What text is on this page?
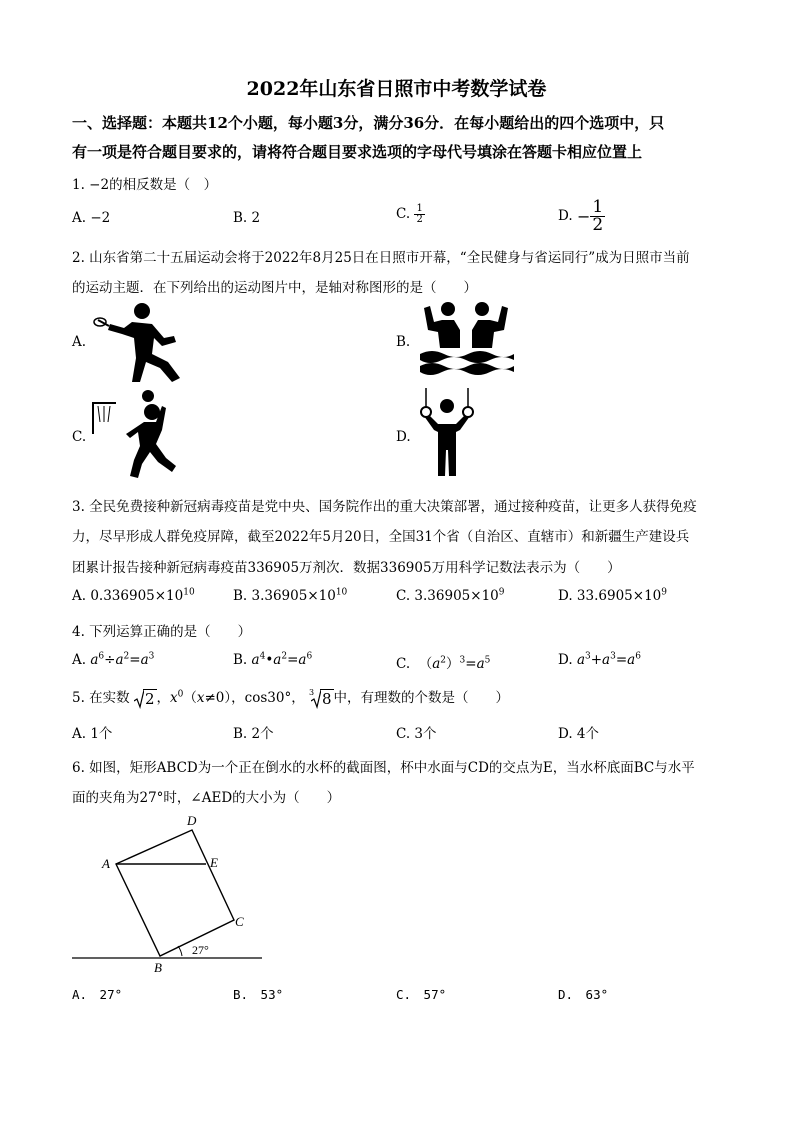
2022年山东省日照市中考数学试卷
一、选择题：本题共12个小题，每小题3分，满分36分．在每小题给出的四个选项中，只
有一项是符合题目要求的，请将符合题目要求选项的字母代号填涂在答题卡相应位置上
1. −2的相反数是（　）
A. −2	B. 2	C. $\frac{1}{2}$	D. − $\frac{1}{2}$
2. 山东省第二十五届运动会将于2022年8月25日在日照市开幕，“全民健身与省运同行”成为日照市当前
的运动主题．在下列给出的运动图片中，是轴对称图形的是（　　）
A.	B.
C.	D.
3. 全民免费接种新冠病毒疫苗是党中央、国务院作出的重大决策部署，通过接种疫苗，让更多人获得免疫
力，尽早形成人群免疫屏障，截至2022年5月20日，全国31个省（自治区、直辖市）和新疆生产建设兵
团累计报告接种新冠病毒疫苗336905万剂次．数据336905万用科学记数法表示为（　　）
A. $0.336905\times 10^{10}$	B. $3.36905\times 10^{10}$	C. $3.36905\times 10^9$	D. $33.6905\times 10^9$
4. 下列运算正确的是（　　）
A. $a^6\div a^2=a^3$	B. $a^4•a^2=a^6$	C. $(a^2)^3=a^5$	D. $a^3+a^3=a^6$
5. 在实数 2 ，$x^0(x\ne 0)$，cos30°， 3 8 中，有理数的个数是（　　）
A. 1个	B. 2个	C. 3个	D. 4个
6. 如图，矩形ABCD为一个正在倒水的水杯的截面图，杯中水面与CD的交点为E，当水杯底面BC与水平
面的夹角为27°时，∠AED的大小为（　　）
A
D
E
C
B
27°
A.　27°	B.　53°	C.　57°	D.　63°
